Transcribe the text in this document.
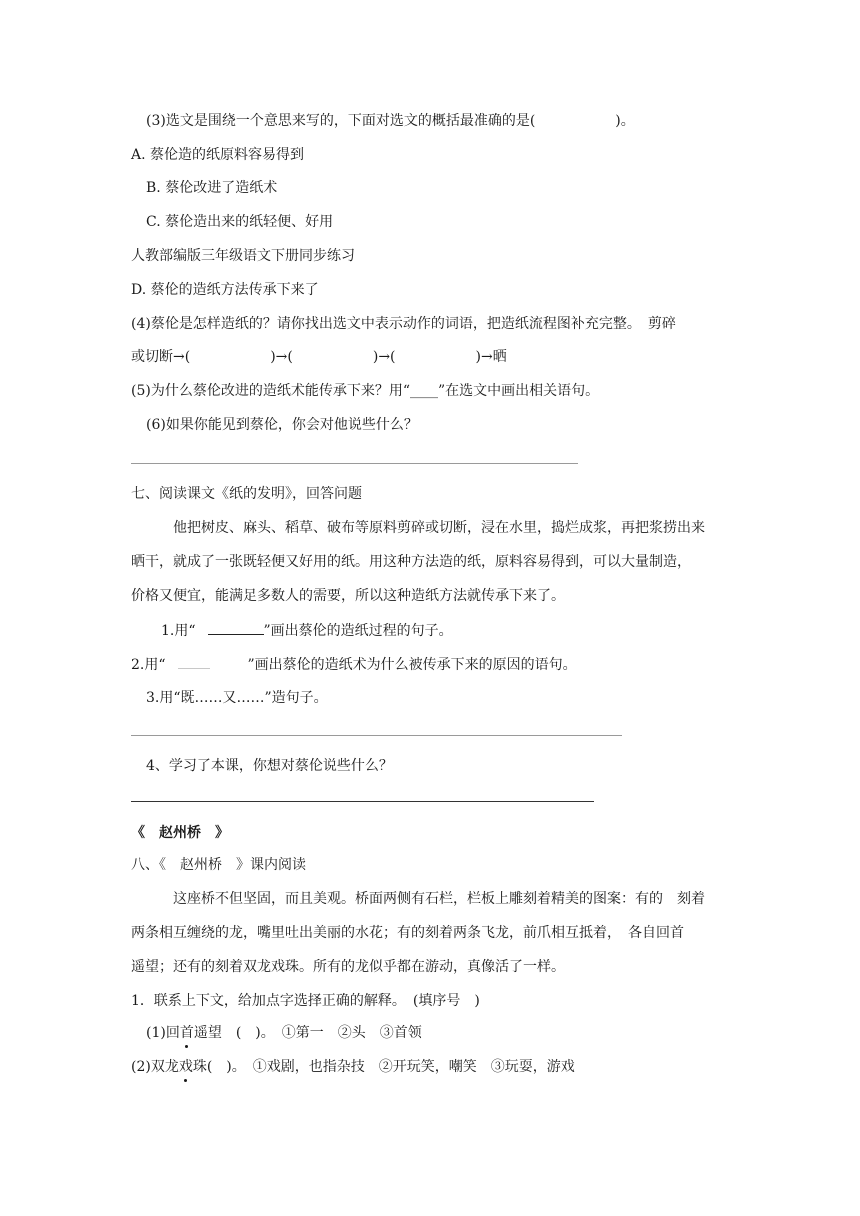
(3)选文是围绕一个意思来写的，下面对选文的概括最准确的是(	)。
A. 蔡伦造的纸原料容易得到
B. 蔡伦改进了造纸术
C. 蔡伦造出来的纸轻便、好用
人教部编版三年级语文下册同步练习
D. 蔡伦的造纸方法传承下来了
(4)蔡伦是怎样造纸的？请你找出选文中表示动作的词语，把造纸流程图补充完整。　剪碎
或切断→(	)→(	)→(	)→晒
(5)为什么蔡伦改进的造纸术能传承下来？用“____”在选文中画出相关语句。
(6)如果你能见到蔡伦，你会对他说些什么？
七、阅读课文《纸的发明》，回答问题
他把树皮、麻头、稻草、破布等原料剪碎或切断，浸在水里，捣烂成浆，再把浆捞出来
晒干，就成了一张既轻便又好用的纸。用这种方法造的纸，原料容易得到，可以大量制造，
价格又便宜，能满足多数人的需要，所以这种造纸方法就传承下来了。
1.用“	”画出蔡伦的造纸过程的句子。
2.用“	”画出蔡伦的造纸术为什么被传承下来的原因的语句。
3.用“既……又……”造句子。
4、学习了本课，你想对蔡伦说些什么？
《　赵州桥　》
八、《　赵州桥　》课内阅读
这座桥不但坚固，而且美观。桥面两侧有石栏，栏板上雕刻着精美的图案：有的　刻着
两条相互缠绕的龙，嘴里吐出美丽的水花；有的刻着两条飞龙，前爪相互抵着，　各自回首
遥望；还有的刻着双龙戏珠。所有的龙似乎都在游动，真像活了一样。
1．联系上下文，给加点字选择正确的解释。　(填序号　)
(1)回首遥望　(　)。　①第一　②头　③首领
(2)双龙戏珠(　)。　①戏剧，也指杂技　②开玩笑，嘲笑　③玩耍，游戏
